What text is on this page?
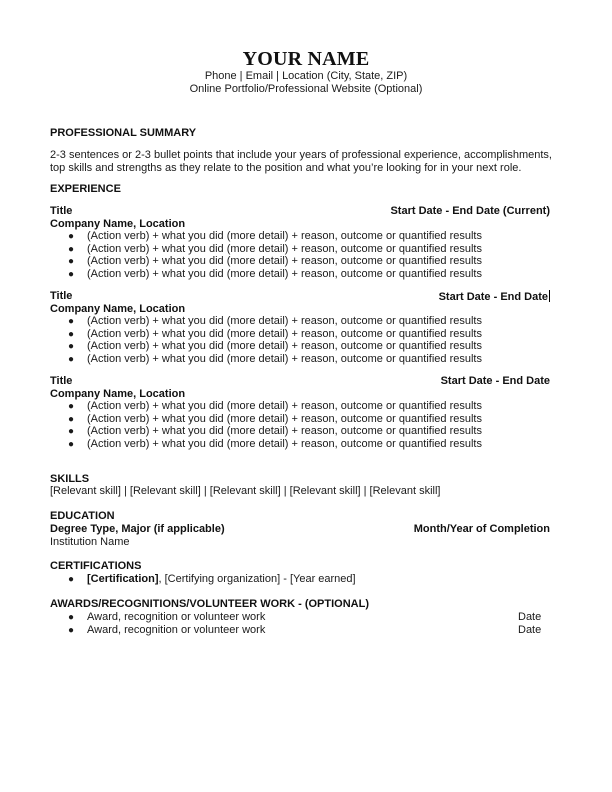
YOUR NAME
Phone | Email | Location (City, State, ZIP)
Online Portfolio/Professional Website (Optional)
PROFESSIONAL SUMMARY
2-3 sentences or 2-3 bullet points that include your years of professional experience, accomplishments,
top skills and strengths as they relate to the position and what you’re looking for in your next role.
EXPERIENCE
Title	Start Date - End Date (Current)
Company Name, Location
● (Action verb) + what you did (more detail) + reason, outcome or quantified results
● (Action verb) + what you did (more detail) + reason, outcome or quantified results
● (Action verb) + what you did (more detail) + reason, outcome or quantified results
● (Action verb) + what you did (more detail) + reason, outcome or quantified results
Title	Start Date - End Date
Company Name, Location
● (Action verb) + what you did (more detail) + reason, outcome or quantified results
● (Action verb) + what you did (more detail) + reason, outcome or quantified results
● (Action verb) + what you did (more detail) + reason, outcome or quantified results
● (Action verb) + what you did (more detail) + reason, outcome or quantified results
Title	Start Date - End Date
Company Name, Location
● (Action verb) + what you did (more detail) + reason, outcome or quantified results
● (Action verb) + what you did (more detail) + reason, outcome or quantified results
● (Action verb) + what you did (more detail) + reason, outcome or quantified results
● (Action verb) + what you did (more detail) + reason, outcome or quantified results
SKILLS
[Relevant skill] | [Relevant skill] | [Relevant skill] | [Relevant skill] | [Relevant skill]
EDUCATION
Degree Type, Major (if applicable)	Month/Year of Completion
Institution Name
CERTIFICATIONS
● [Certification], [Certifying organization] - [Year earned]
AWARDS/RECOGNITIONS/VOLUNTEER WORK - (OPTIONAL)
● Award, recognition or volunteer work	Date
● Award, recognition or volunteer work	Date
